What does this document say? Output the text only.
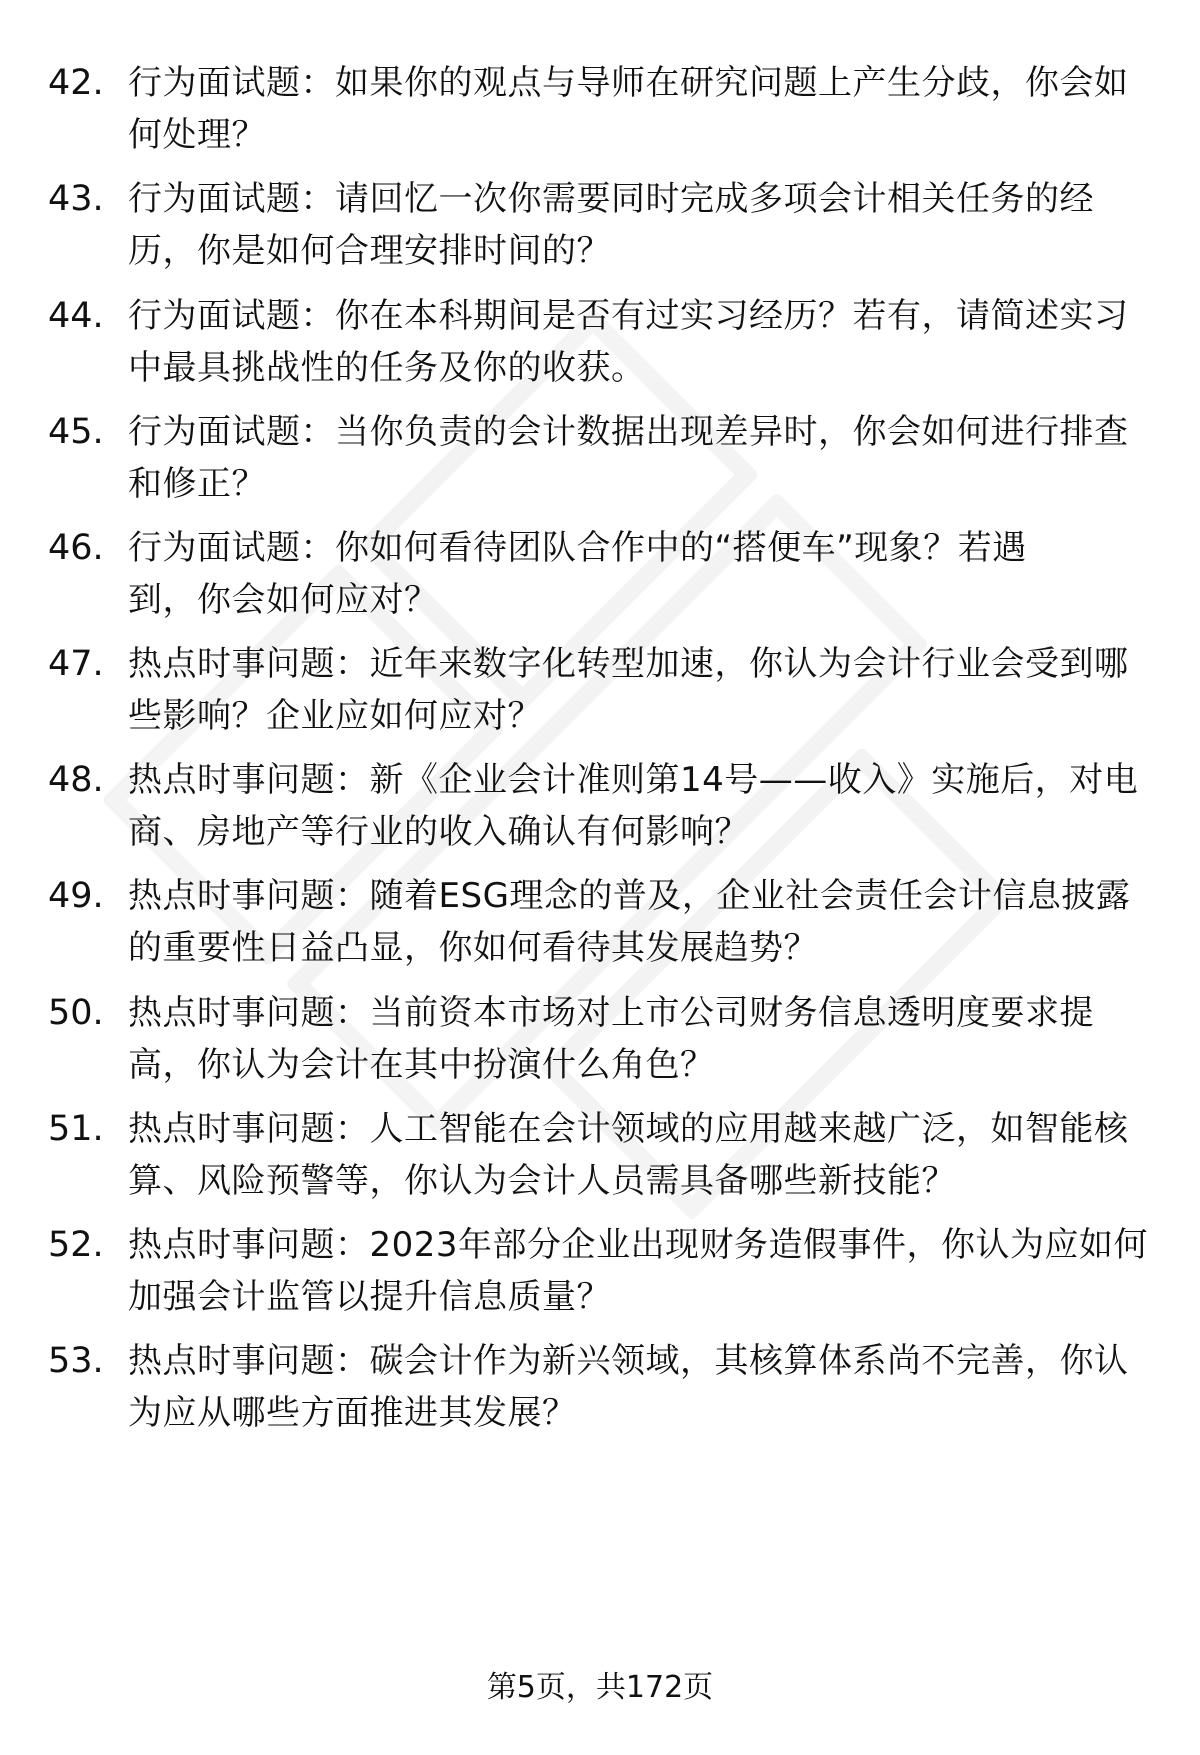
42. 行为面试题：如果你的观点与导师在研究问题上产生分歧，你会如何处理？
43. 行为面试题：请回忆一次你需要同时完成多项会计相关任务的经历，你是如何合理安排时间的？
44. 行为面试题：你在本科期间是否有过实习经历？若有，请简述实习中最具挑战性的任务及你的收获。
45. 行为面试题：当你负责的会计数据出现差异时，你会如何进行排查和修正？
46. 行为面试题：你如何看待团队合作中的“搭便车”现象？若遇到，你会如何应对？
47. 热点时事问题：近年来数字化转型加速，你认为会计行业会受到哪些影响？企业应如何应对？
48. 热点时事问题：新《企业会计准则第14号——收入》实施后，对电商、房地产等行业的收入确认有何影响？
49. 热点时事问题：随着ESG理念的普及，企业社会责任会计信息披露的重要性日益凸显，你如何看待其发展趋势？
50. 热点时事问题：当前资本市场对上市公司财务信息透明度要求提高，你认为会计在其中扮演什么角色？
51. 热点时事问题：人工智能在会计领域的应用越来越广泛，如智能核算、风险预警等，你认为会计人员需具备哪些新技能？
52. 热点时事问题：2023年部分企业出现财务造假事件，你认为应如何加强会计监管以提升信息质量？
53. 热点时事问题：碳会计作为新兴领域，其核算体系尚不完善，你认为应从哪些方面推进其发展？
第5页，共172页
